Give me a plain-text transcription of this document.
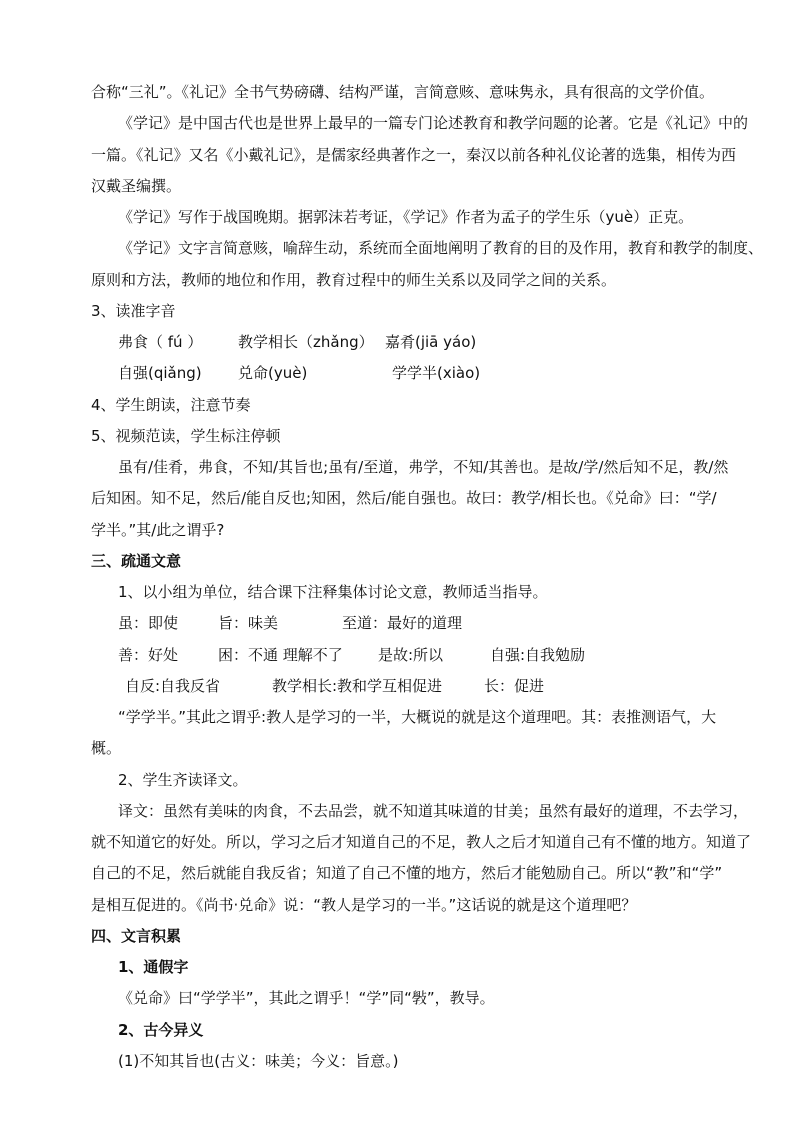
合称“三礼”。《礼记》全书气势磅礴、结构严谨，言简意赅、意味隽永，具有很高的文学价值。
《学记》是中国古代也是世界上最早的一篇专门论述教育和教学问题的论著。它是《礼记》中的
一篇。《礼记》又名《小戴礼记》，是儒家经典著作之一，秦汉以前各种礼仪论著的选集，相传为西
汉戴圣编撰。
《学记》写作于战国晚期。据郭沫若考证，《学记》作者为孟子的学生乐（yuè）正克。
《学记》文字言简意赅，喻辞生动，系统而全面地阐明了教育的目的及作用，教育和教学的制度、
原则和方法，教师的地位和作用，教育过程中的师生关系以及同学之间的关系。
3、读准字音
弗食（ fú ） 教学相长（zhǎng） 嘉肴(jiā yáo)
自强(qiǎng) 兑命(yuè)	学学半(xiào)
4、学生朗读，注意节奏
5、视频范读，学生标注停顿
虽有/佳肴，弗食，不知/其旨也;虽有/至道，弗学，不知/其善也。是故/学/然后知不足，教/然
后知困。知不足，然后/能自反也;知困，然后/能自强也。故曰：教学/相长也。《兑命》曰：“学/
学半。”其/此之谓乎?
三、疏通文意
1、以小组为单位，结合课下注释集体讨论文意，教师适当指导。
虽：即使	旨：味美	至道：最好的道理
善：好处	困：不通 理解不了 是故:所以	自强:自我勉励
自反:自我反省	教学相长:教和学互相促进	长：促进
“学学半。”其此之谓乎:教人是学习的一半，大概说的就是这个道理吧。其：表推测语气，大
概。
2、学生齐读译文。
译文：虽然有美味的肉食，不去品尝，就不知道其味道的甘美；虽然有最好的道理，不去学习，
就不知道它的好处。所以，学习之后才知道自己的不足，教人之后才知道自己有不懂的地方。知道了
自己的不足，然后就能自我反省；知道了自己不懂的地方，然后才能勉励自己。所以“教”和“学”
是相互促进的。《尚书·兑命》说：“教人是学习的一半。”这话说的就是这个道理吧？
四、文言积累
1、通假字
《兑命》曰“学学半”，其此之谓乎！“学”同“斅”，教导。
2、古今异义
(1)不知其旨也(古义：味美；今义：旨意。)
